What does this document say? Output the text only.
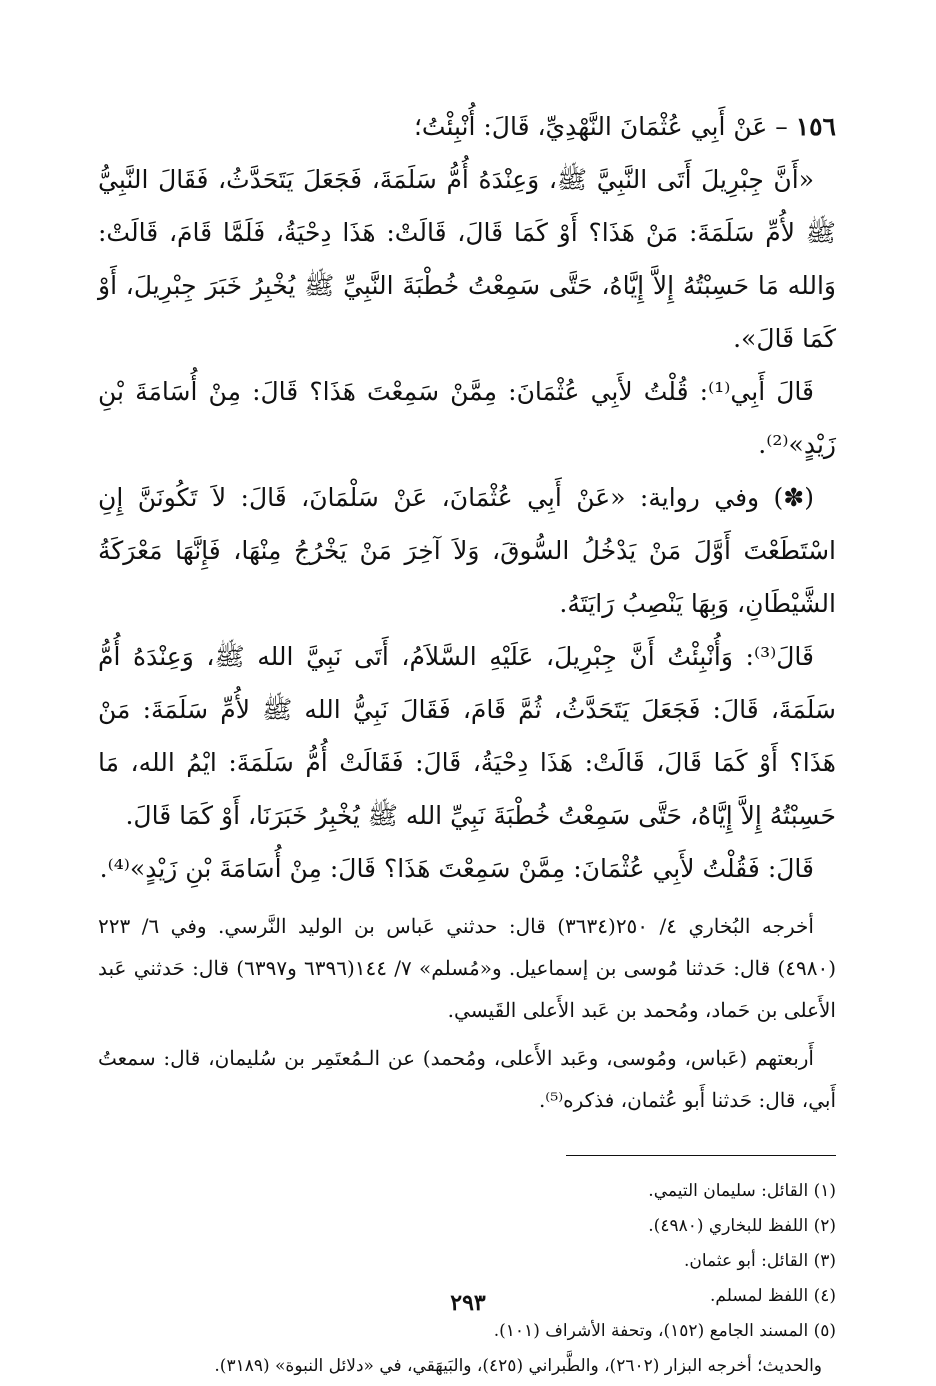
١٥٦ – عَنْ أَبِي عُثْمَانَ النَّهْدِيِّ، قَالَ: أُنْبِئْتُ؛

«أَنَّ جِبْرِيلَ أَتَى النَّبِيَّ ﷺ، وَعِنْدَهُ أُمُّ سَلَمَةَ، فَجَعَلَ يَتَحَدَّثُ، فَقَالَ النَّبِيُّ ﷺ لأُمِّ سَلَمَةَ: مَنْ هَذَا؟ أَوْ كَمَا قَالَ، قَالَتْ: هَذَا دِحْيَةُ، فَلَمَّا قَامَ، قَالَتْ: وَالله مَا حَسِبْتُهُ إِلاَّ إِيَّاهُ، حَتَّى سَمِعْتُ خُطْبَةَ النَّبِيِّ ﷺ يُخْبِرُ خَبَرَ جِبْرِيلَ، أَوْ كَمَا قَالَ».

قَالَ أَبِي⁽¹⁾: قُلْتُ لأَبِي عُثْمَانَ: مِمَّنْ سَمِعْتَ هَذَا؟ قَالَ: مِنْ أُسَامَةَ بْنِ زَيْدٍ»⁽²⁾.

(✽) وفي رواية: «عَنْ أَبِي عُثْمَانَ، عَنْ سَلْمَانَ، قَالَ: لاَ تَكُونَنَّ إِنِ اسْتَطَعْتَ أَوَّلَ مَنْ يَدْخُلُ السُّوقَ، وَلاَ آخِرَ مَنْ يَخْرُجُ مِنْهَا، فَإِنَّهَا مَعْرَكَةُ الشَّيْطَانِ، وَبِهَا يَنْصِبُ رَايَتَهُ.

قَالَ⁽³⁾: وَأُنْبِئْتُ أَنَّ جِبْرِيلَ، عَلَيْهِ السَّلاَمُ، أَتَى نَبِيَّ الله ﷺ، وَعِنْدَهُ أُمُّ سَلَمَةَ، قَالَ: فَجَعَلَ يَتَحَدَّثُ، ثُمَّ قَامَ، فَقَالَ نَبِيُّ الله ﷺ لأُمِّ سَلَمَةَ: مَنْ هَذَا؟ أَوْ كَمَا قَالَ، قَالَتْ: هَذَا دِحْيَةُ، قَالَ: فَقَالَتْ أُمُّ سَلَمَةَ: ايْمُ الله، مَا حَسِبْتُهُ إِلاَّ إِيَّاهُ، حَتَّى سَمِعْتُ خُطْبَةَ نَبِيِّ الله ﷺ يُخْبِرُ خَبَرَنَا، أَوْ كَمَا قَالَ.

قَالَ: فَقُلْتُ لأَبِي عُثْمَانَ: مِمَّنْ سَمِعْتَ هَذَا؟ قَالَ: مِنْ أُسَامَةَ بْنِ زَيْدٍ»⁽⁴⁾.

أخرجه البُخاري ٤/ ٢٥٠(٣٦٣٤) قال: حدثني عَباس بن الوليد النَّرسي. وفي ٦/ ٢٢٣ (٤٩٨٠) قال: حَدثنا مُوسى بن إسماعيل. و«مُسلم» ٧/ ١٤٤(٦٣٩٦ و٦٣٩٧) قال: حَدثني عَبد الأَعلى بن حَماد، ومُحمد بن عَبد الأَعلى القَيسي.

أَربعتهم (عَباس، ومُوسى، وعَبد الأَعلى، ومُحمد) عن الـمُعتَمِر بن سُليمان، قال: سمعتُ أَبي، قال: حَدثنا أَبو عُثمان، فذكره⁽⁵⁾.

(١) القائل: سليمان التيمي.
(٢) اللفظ للبخاري (٤٩٨٠).
(٣) القائل: أبو عثمان.
(٤) اللفظ لمسلم.
(٥) المسند الجامع (١٥٢)، وتحفة الأشراف (١٠١).

والحديث؛ أخرجه البزار (٢٦٠٢)، والطَّبراني (٤٢٥)، والبَيهَقي، في «دلائل النبوة» (٣١٨٩).

٢٩٣
